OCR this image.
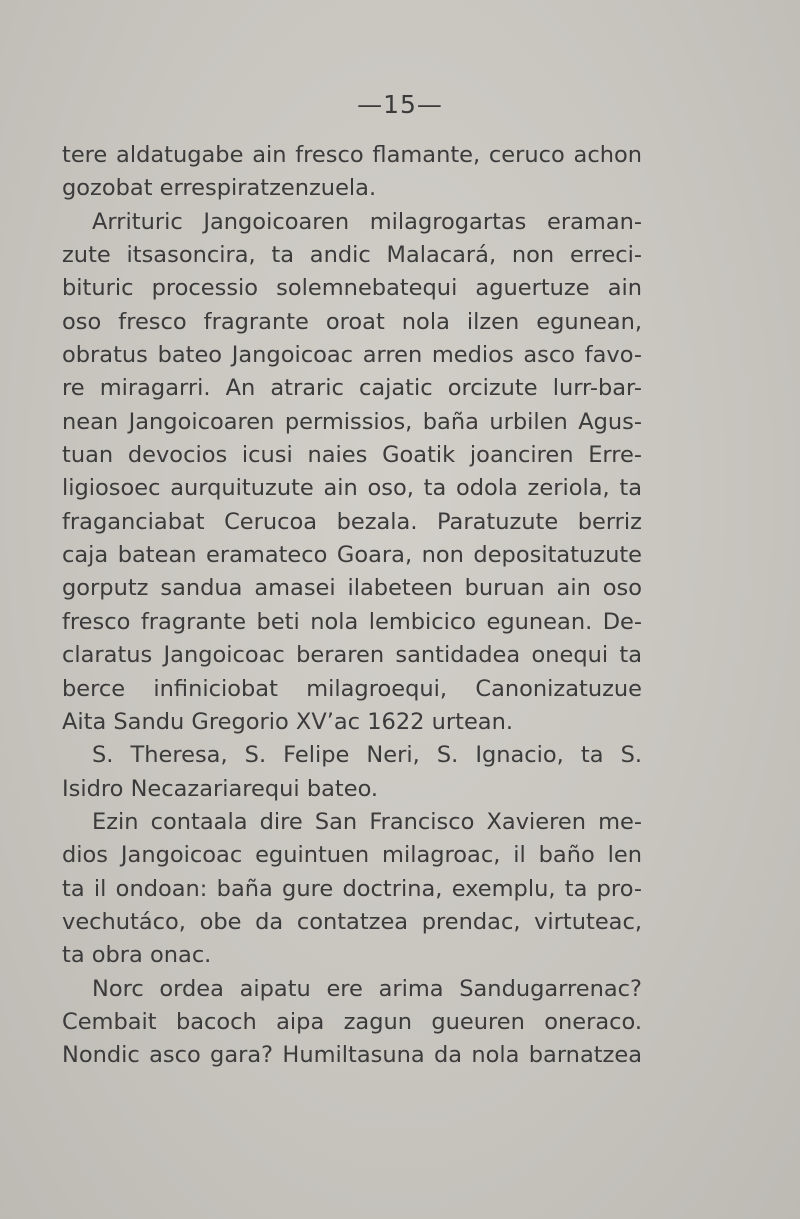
—15—
tere aldatugabe ain fresco flamante, ceruco achon
gozobat errespiratzenzuela.
Arrituric Jangoicoaren milagrogartas eraman-
zute itsasoncira, ta andic Malacará, non erreci-
bituric processio solemnebatequi aguertuze ain
oso fresco fragrante oroat nola ilzen egunean,
obratus bateo Jangoicoac arren medios asco favo-
re miragarri. An atraric cajatic orcizute lurr-bar-
nean Jangoicoaren permissios, baña urbilen Agus-
tuan devocios icusi naies Goatik joanciren Erre-
ligiosoec aurquituzute ain oso, ta odola zeriola, ta
fraganciabat Cerucoa bezala. Paratuzute berriz
caja batean eramateco Goara, non depositatuzute
gorputz sandua amasei ilabeteen buruan ain oso
fresco fragrante beti nola lembicico egunean. De-
claratus Jangoicoac beraren santidadea onequi ta
berce infiniciobat milagroequi, Canonizatuzue
Aita Sandu Gregorio XV’ac 1622 urtean.
S. Theresa, S. Felipe Neri, S. Ignacio, ta S.
Isidro Necazariarequi bateo.
Ezin contaala dire San Francisco Xavieren me-
dios Jangoicoac eguintuen milagroac, il baño len
ta il ondoan: baña gure doctrina, exemplu, ta pro-
vechutáco, obe da contatzea prendac, virtuteac,
ta obra onac.
Norc ordea aipatu ere arima Sandugarrenac?
Cembait bacoch aipa zagun gueuren oneraco.
Nondic asco gara? Humiltasuna da nola barnatzea
